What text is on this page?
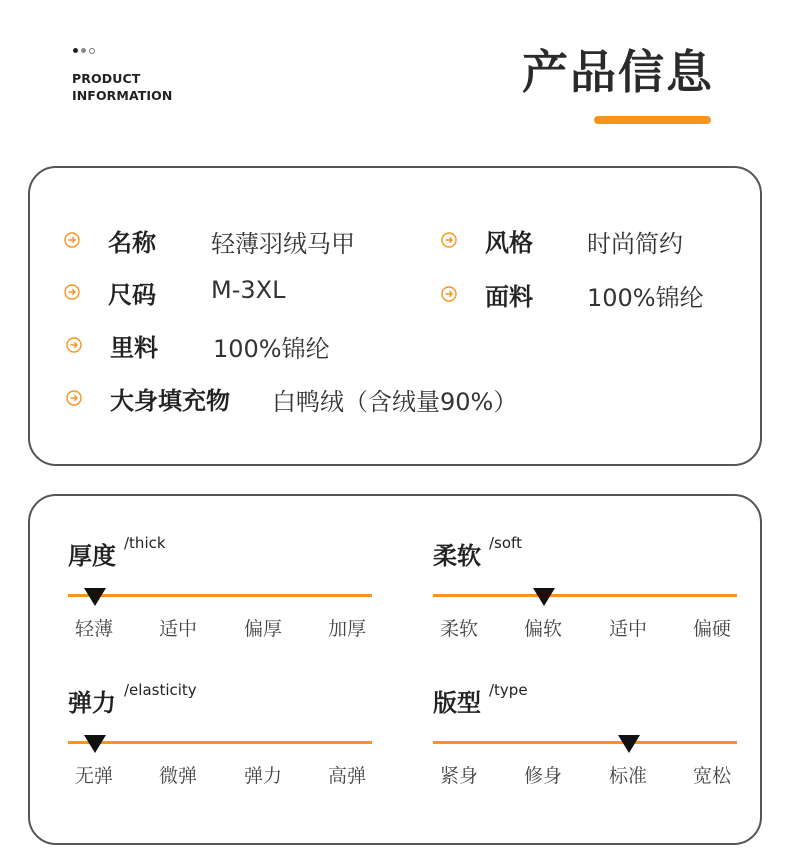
PRODUCT
INFORMATION	产品信息
名称 轻薄羽绒马甲	风格 时尚简约
尺码 M-3XL	面料 100%锦纶
里料 100%锦纶
大身填充物 白鸭绒（含绒量90%）
厚度 /thick
轻薄 适中 偏厚 加厚
柔软 /soft
柔软 偏软 适中 偏硬
弹力 /elasticity
无弹 微弹 弹力 高弹
版型 /type
紧身 修身 标准 宽松
